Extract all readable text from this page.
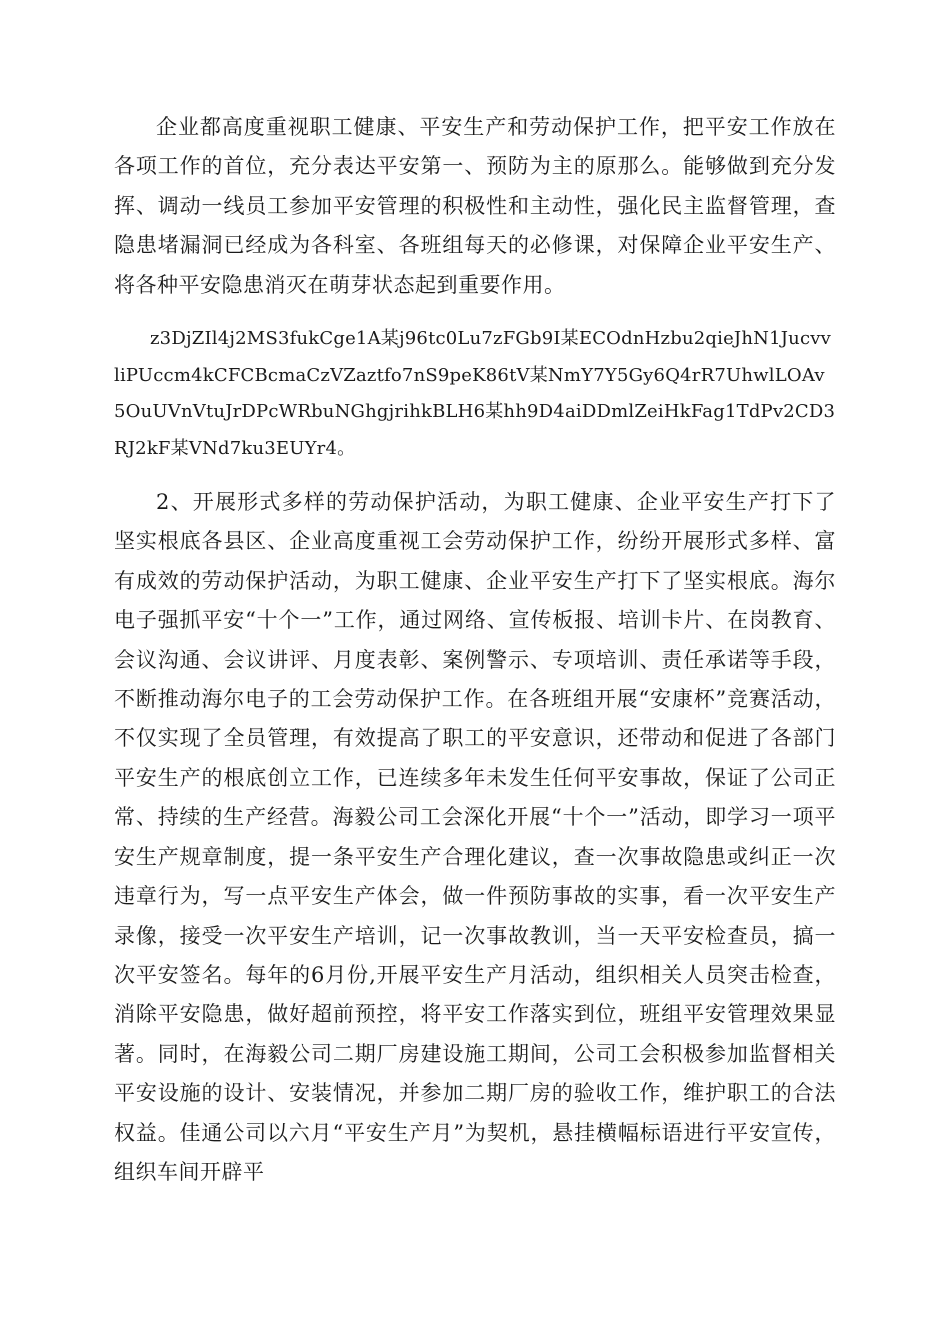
企业都高度重视职工健康、平安生产和劳动保护工作，把平安工作放在各项工作的首位，充分表达平安第一、预防为主的原那么。能够做到充分发挥、调动一线员工参加平安管理的积极性和主动性，强化民主监督管理，查隐患堵漏洞已经成为各科室、各班组每天的必修课，对保障企业平安生产、将各种平安隐患消灭在萌芽状态起到重要作用。

z3DjZIl4j2MS3fukCge1A某j96tc0Lu7zFGb9I某ECOdnHzbu2qieJhN1JucvvliPUccm4kCFCBcmaCzVZaztfo7nS9peK86tV某NmY7Y5Gy6Q4rR7UhwlLOAv5OuUVnVtuJrDPcWRbuNGhgjrihkBLH6某hh9D4aiDDmlZeiHkFag1TdPv2CD3RJ2kF某VNd7ku3EUYr4。

2、开展形式多样的劳动保护活动，为职工健康、企业平安生产打下了坚实根底各县区、企业高度重视工会劳动保护工作，纷纷开展形式多样、富有成效的劳动保护活动，为职工健康、企业平安生产打下了坚实根底。海尔电子强抓平安“十个一”工作，通过网络、宣传板报、培训卡片、在岗教育、会议沟通、会议讲评、月度表彰、案例警示、专项培训、责任承诺等手段，不断推动海尔电子的工会劳动保护工作。在各班组开展“安康杯”竞赛活动，不仅实现了全员管理，有效提高了职工的平安意识，还带动和促进了各部门平安生产的根底创立工作，已连续多年未发生任何平安事故，保证了公司正常、持续的生产经营。海毅公司工会深化开展“十个一”活动，即学习一项平安生产规章制度，提一条平安生产合理化建议，查一次事故隐患或纠正一次违章行为，写一点平安生产体会，做一件预防事故的实事，看一次平安生产录像，接受一次平安生产培训，记一次事故教训，当一天平安检查员，搞一次平安签名。每年的6月份,开展平安生产月活动，组织相关人员突击检查，消除平安隐患，做好超前预控，将平安工作落实到位，班组平安管理效果显著。同时，在海毅公司二期厂房建设施工期间，公司工会积极参加监督相关平安设施的设计、安装情况，并参加二期厂房的验收工作，维护职工的合法权益。佳通公司以六月“平安生产月”为契机，悬挂横幅标语进行平安宣传，组织车间开辟平
